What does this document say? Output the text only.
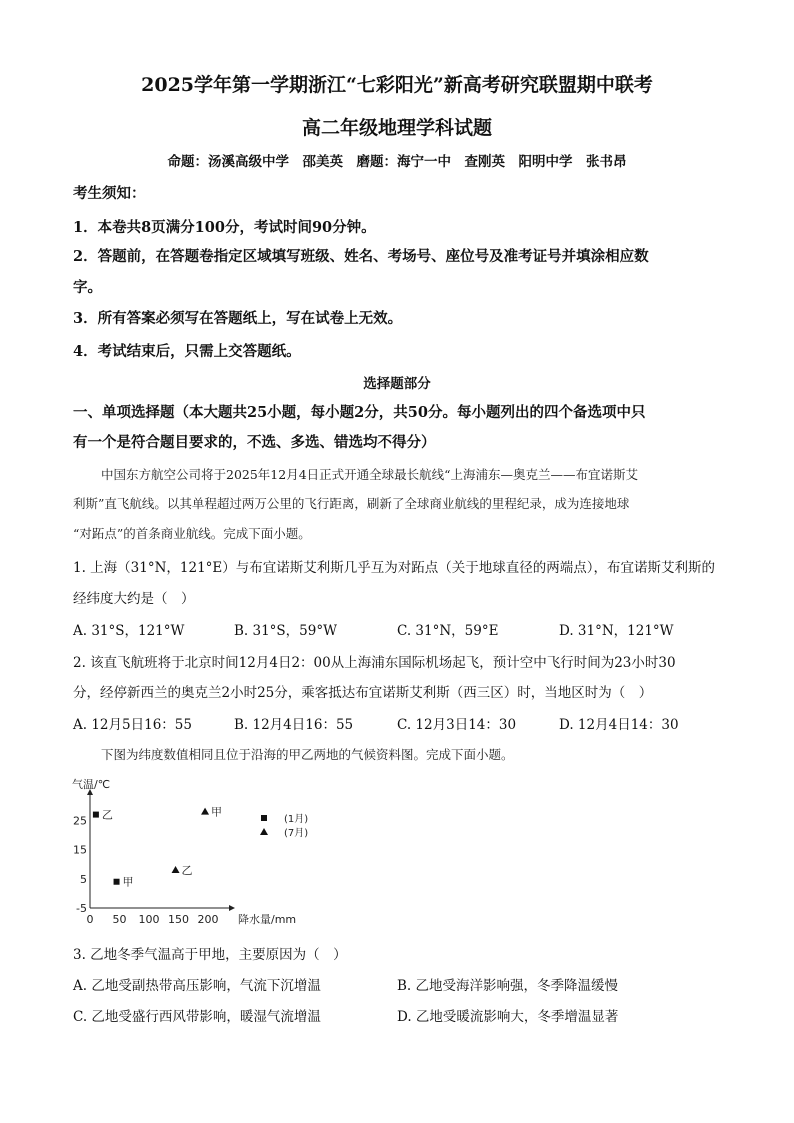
2025学年第一学期浙江“七彩阳光”新高考研究联盟期中联考
高二年级地理学科试题
命题：汤溪高级中学　邵美英　磨题：海宁一中　查刚英　阳明中学　张书昂
考生须知：
1．本卷共8页满分100分，考试时间90分钟。
2．答题前，在答题卷指定区域填写班级、姓名、考场号、座位号及准考证号并填涂相应数
字。
3．所有答案必须写在答题纸上，写在试卷上无效。
4．考试结束后，只需上交答题纸。
选择题部分
一、单项选择题（本大题共25小题，每小题2分，共50分。每小题列出的四个备选项中只
有一个是符合题目要求的，不选、多选、错选均不得分）
中国东方航空公司将于2025年12月4日正式开通全球最长航线“上海浦东—奥克兰——布宜诺斯艾
利斯”直飞航线。以其单程超过两万公里的飞行距离，刷新了全球商业航线的里程纪录，成为连接地球
“对跖点”的首条商业航线。完成下面小题。
1. 上海（31°N，121°E）与布宜诺斯艾利斯几乎互为对跖点（关于地球直径的两端点），布宜诺斯艾利斯的
经纬度大约是（　）
A. 31°S，121°W	B. 31°S，59°W	C. 31°N，59°E	D. 31°N，121°W
2. 该直飞航班将于北京时间12月4日2：00从上海浦东国际机场起飞，预计空中飞行时间为23小时30
分，经停新西兰的奥克兰2小时25分，乘客抵达布宜诺斯艾利斯（西三区）时，当地区时为（　）
A. 12月5日16：55	B. 12月4日16：55	C. 12月3日14：30	D. 12月4日14：30
下图为纬度数值相同且位于沿海的甲乙两地的气候资料图。完成下面小题。
气温/℃
降水量/mm
0 50 100 150 200
25
15
5
-5
乙	甲
乙
甲
(1月)
(7月)
3. 乙地冬季气温高于甲地，主要原因为（　）
A. 乙地受副热带高压影响，气流下沉增温	B. 乙地受海洋影响强，冬季降温缓慢
C. 乙地受盛行西风带影响，暖湿气流增温	D. 乙地受暖流影响大，冬季增温显著
